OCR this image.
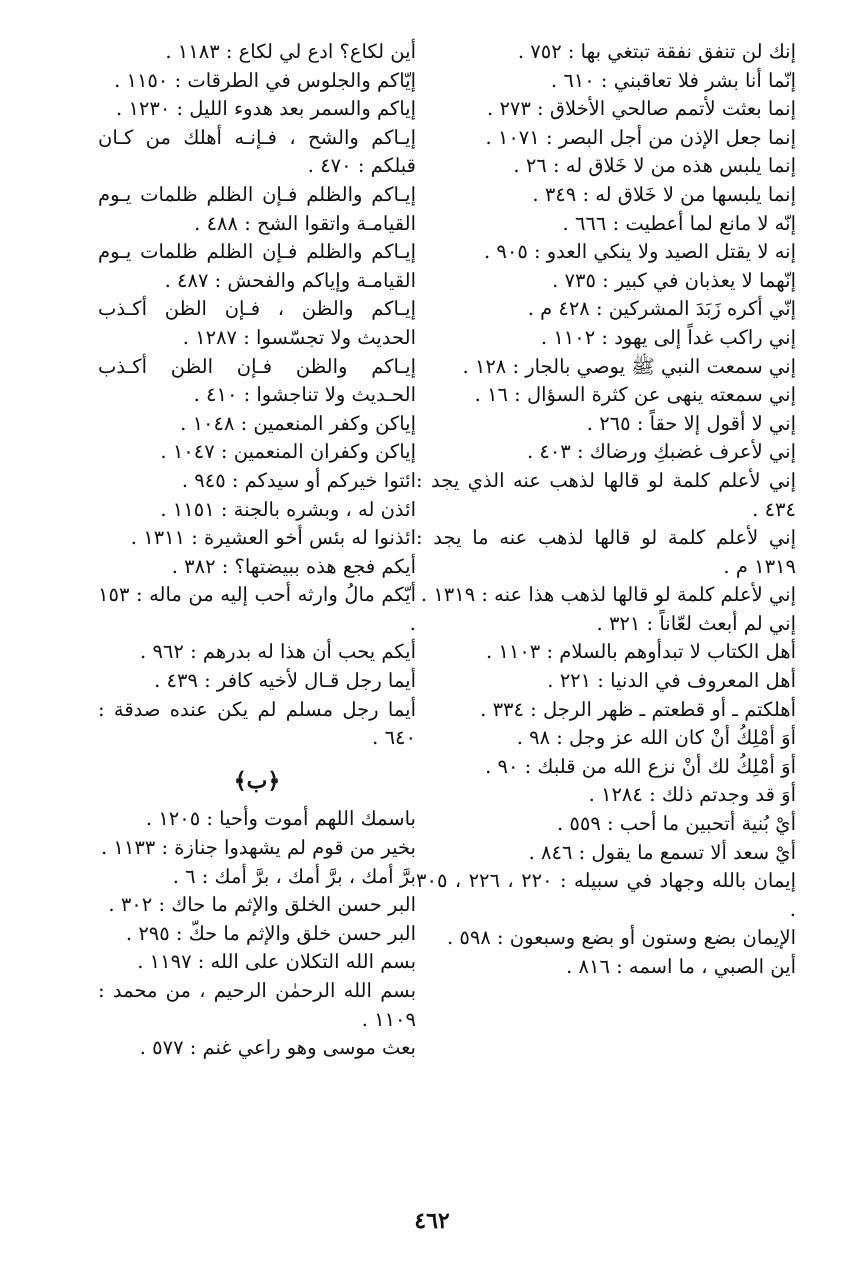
إنك لن تنفق نفقة تبتغي بها : ٧٥٢ .

إنّما أنا بشر فلا تعاقبني : ٦١٠ .

إنما بعثت لأتمم صالحي الأخلاق : ٢٧٣ .

إنما جعل الإذن من أجل البصر : ١٠٧١ .

إنما يلبس هذه من لا خَلاق له : ٢٦ .

إنما يلبسها من لا خَلاق له : ٣٤٩ .

إنّه لا مانع لما أعطيت : ٦٦٦ .

إنه لا يقتل الصيد ولا ينكي العدو : ٩٠٥ .

إنّهما لا يعذبان في كبير : ٧٣٥ .

إنّي أكره زَبَدَ المشركين : ٤٢٨ م .

إني راكب غداً إلى يهود : ١١٠٢ .

إني سمعت النبي ﷺ يوصي بالجار : ١٢٨ .

إني سمعته ينهى عن كثرة السؤال : ١٦ .

إني لا أقول إلا حقاً : ٢٦٥ .

إني لأعرف غضبكِ ورضاك : ٤٠٣ .

إني لأعلم كلمة لو قالها لذهب عنه الذي يجد : ٤٣٤ .

إني لأعلم كلمة لو قالها لذهب عنه ما يجد : ١٣١٩ م .

إني لأعلم كلمة لو قالها لذهب هذا عنه : ١٣١٩ .

إني لم أبعث لعّاناً : ٣٢١ .

أهل الكتاب لا تبدأوهم بالسلام : ١١٠٣ .

أهل المعروف في الدنيا : ٢٢١ .

أهلكتم ـ أو قطعتم ـ ظهر الرجل : ٣٣٤ .

أوَ أمْلِكُ أنْ كان الله عز وجل : ٩٨ .

أوَ أمْلِكُ لك أنْ نزع الله من قلبك : ٩٠ .

أوَ قد وجدتم ذلك : ١٢٨٤ .

أيْ بُنية أتحبين ما أحب : ٥٥٩ .

أيْ سعد ألا تسمع ما يقول : ٨٤٦ .

إيمان بالله وجهاد في سبيله : ٢٢٠ ، ٢٢٦ ، ٣٠٥ .

الإيمان بضع وستون أو بضع وسبعون : ٥٩٨ .

أين الصبي ، ما اسمه : ٨١٦ .

أين لكاع؟ ادع لي لكاع : ١١٨٣ .

إيّاكم والجلوس في الطرقات : ١١٥٠ .

إياكم والسمر بعد هدوء الليل : ١٢٣٠ .

إيـاكم والشح ، فـإنـه أهلك من كـان قبلكم : ٤٧٠ .

إيـاكم والظلم فـإن الظلم ظلمات يـوم القيامـة واتقوا الشح : ٤٨٨ .

إيـاكم والظلم فـإن الظلم ظلمات يـوم القيامـة وإياكم والفحش : ٤٨٧ .

إيـاكم والظن ، فـإن الظن أكـذب الحديث ولا تجسّسوا : ١٢٨٧ .

إيـاكم والظن فـإن الظن أكـذب الحـديث ولا تناجشوا : ٤١٠ .

إياكن وكفر المنعمين : ١٠٤٨ .

إياكن وكفران المنعمين : ١٠٤٧ .

ائتوا خيركم أو سيدكم : ٩٤٥ .

ائذن له ، وبشره بالجنة : ١١٥١ .

ائذنوا له بئس أخو العشيرة : ١٣١١ .

أيكم فجع هذه ببيضتها؟ : ٣٨٢ .

أيّكم مالُ وارثه أحب إليه من ماله : ١٥٣ .

أيكم يحب أن هذا له بدرهم : ٩٦٢ .

أيما رجل قـال لأخيه كافر : ٤٣٩ .

أيما رجل مسلم لم يكن عنده صدقة : ٦٤٠ .

﴿ب﴾

باسمك اللهم أموت وأحيا : ١٢٠٥ .

بخير من قوم لم يشهدوا جنازة : ١١٣٣ .

برَّ أمك ، برَّ أمك ، برَّ أمك : ٦ .

البر حسن الخلق والإثم ما حاك : ٣٠٢ .

البر حسن خلق والإثم ما حكّ : ٢٩٥ .

بسم الله التكلان على الله : ١١٩٧ .

بسم الله الرحمٰن الرحيم ، من محمد : ١١٠٩ .

بعث موسى وهو راعي غنم : ٥٧٧ .

٤٦٢
